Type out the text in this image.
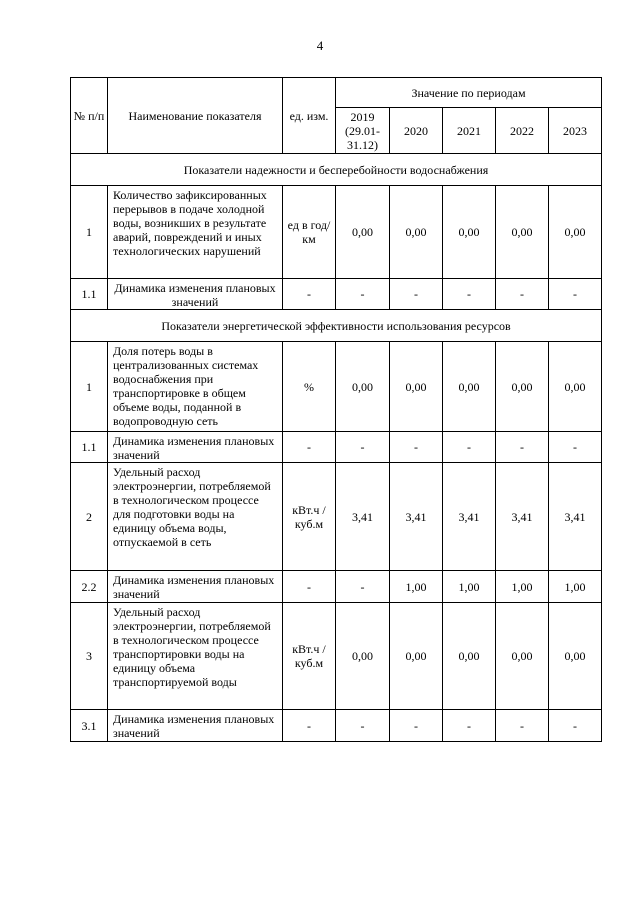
4
№ п/п	Наименование показателя	ед. изм.	Значение по периодам				
			2019 (29.01-31.12)	2020	2021	2022	2023
Показатели надежности и бесперебойности водоснабжения							
1	Количество зафиксированных перерывов в подаче холодной воды, возникших в результате аварий, повреждений и иных технологических нарушений	ед в год/ км	0,00	0,00	0,00	0,00	0,00
1.1	Динамика изменения плановых значений	-	-	-	-	-	-
Показатели энергетической эффективности использования ресурсов							
1	Доля потерь воды в централизованных системах водоснабжения при транспортировке в общем объеме воды, поданной в водопроводную сеть	%	0,00	0,00	0,00	0,00	0,00
1.1	Динамика изменения плановых значений	-	-	-	-	-	-
2	Удельный расход электроэнергии, потребляемой в технологическом процессе для подготовки воды на единицу объема воды, отпускаемой в сеть	кВт.ч / куб.м	3,41	3,41	3,41	3,41	3,41
2.2	Динамика изменения плановых значений	-	-	1,00	1,00	1,00	1,00
3	Удельный расход электроэнергии, потребляемой в технологическом процессе транспортировки воды на единицу объема транспортируемой воды	кВт.ч / куб.м	0,00	0,00	0,00	0,00	0,00
3.1	Динамика изменения плановых значений	-	-	-	-	-	-
